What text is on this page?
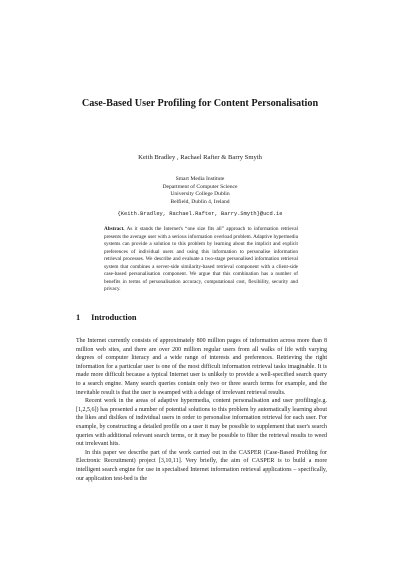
Case-Based User Profiling for Content Personalisation
Keith Bradley , Rachael Rafter & Barry Smyth
Smart Media Institute
Department of Computer Science
University College Dublin
Belfield, Dublin 4, Ireland
{Keith.Bradley, Rachael.Rafter, Barry.Smyth}@ucd.ie

Abstract. As it stands the Internet's “one size fits all” approach to information retrieval presents the average user with a serious information overload problem. Adaptive hypermedia systems can provide a solution to this problem by learning about the implicit and explicit preferences of individual users and using this information to personalise information retrieval processes. We describe and evaluate a two-stage personalised information retrieval system that combines a server-side similarity-based retrieval component with a client-side case-based personalisation component. We argue that this combination has a number of benefits in terms of personalisation accuracy, computational cost, flexibility, security and privacy.

1 Introduction

The Internet currently consists of approximately 800 million pages of information across more than 8 million web sites, and there are over 200 million regular users from all walks of life with varying degrees of computer literacy and a wide range of interests and preferences. Retrieving the right information for a particular user is one of the most difficult information retrieval tasks imaginable. It is made more difficult because a typical Internet user is unlikely to provide a well-specified search query to a search engine. Many search queries contain only two or three search terms for example, and the inevitable result is that the user is swamped with a deluge of irrelevant retrieval results.

Recent work in the areas of adaptive hypermedia, content personalisation and user profiling(e.g. [1,2,5,6]) has presented a number of potential solutions to this problem by automatically learning about the likes and dislikes of individual users in order to personalise information retrieval for each user. For example, by constructing a detailed profile on a user it may be possible to supplement that user's search queries with additional relevant search terms, or it may be possible to filter the retrieval results to weed out irrelevant hits.

In this paper we describe part of the work carried out in the CASPER (Case-Based Profiling for Electronic Recruitment) project [3,10,11]. Very briefly, the aim of CASPER is to build a more intelligent search engine for use in specialised Internet information retrieval applications – specifically, our application test-bed is the
